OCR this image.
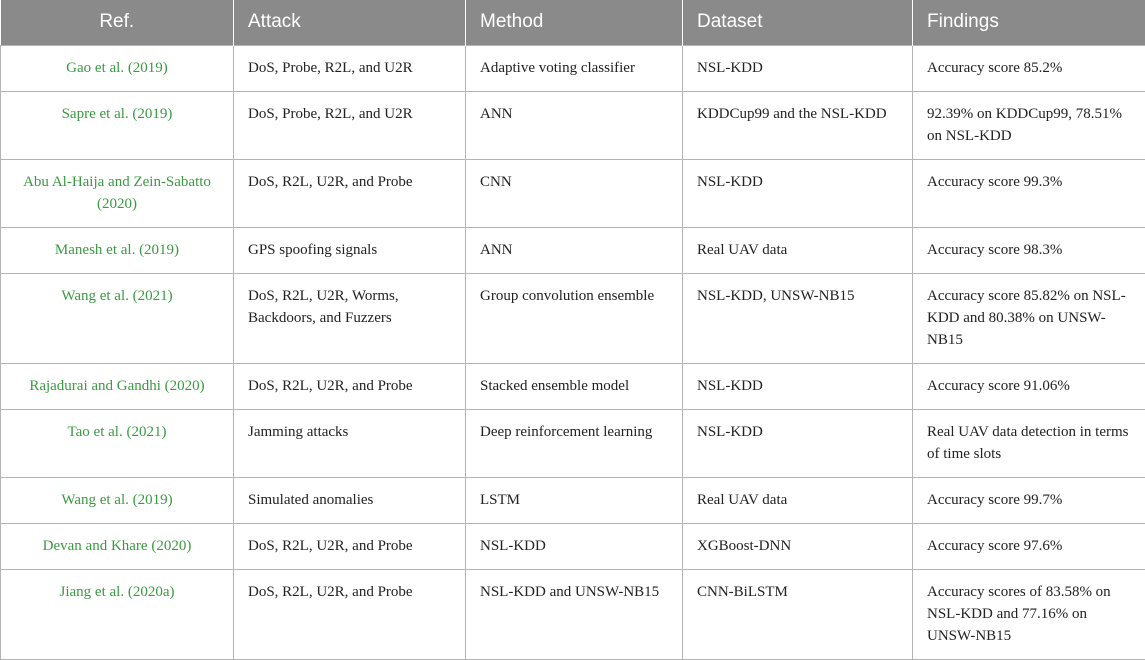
Ref.	Attack	Method	Dataset	Findings
Gao et al. (2019)	DoS, Probe, R2L, and U2R	Adaptive voting classifier	NSL-KDD	Accuracy score 85.2%
Sapre et al. (2019)	DoS, Probe, R2L, and U2R	ANN	KDDCup99 and the NSL-KDD	92.39% on KDDCup99, 78.51% on NSL-KDD
Abu Al-Haija and Zein-Sabatto (2020)	DoS, R2L, U2R, and Probe	CNN	NSL-KDD	Accuracy score 99.3%
Manesh et al. (2019)	GPS spoofing signals	ANN	Real UAV data	Accuracy score 98.3%
Wang et al. (2021)	DoS, R2L, U2R, Worms, Backdoors, and Fuzzers	Group convolution ensemble	NSL-KDD, UNSW-NB15	Accuracy score 85.82% on NSL-KDD and 80.38% on UNSW-NB15
Rajadurai and Gandhi (2020)	DoS, R2L, U2R, and Probe	Stacked ensemble model	NSL-KDD	Accuracy score 91.06%
Tao et al. (2021)	Jamming attacks	Deep reinforcement learning	NSL-KDD	Real UAV data detection in terms of time slots
Wang et al. (2019)	Simulated anomalies	LSTM	Real UAV data	Accuracy score 99.7%
Devan and Khare (2020)	DoS, R2L, U2R, and Probe	NSL-KDD	XGBoost-DNN	Accuracy score 97.6%
Jiang et al. (2020a)	DoS, R2L, U2R, and Probe	NSL-KDD and UNSW-NB15	CNN-BiLSTM	Accuracy scores of 83.58% on NSL-KDD and 77.16% on UNSW-NB15
